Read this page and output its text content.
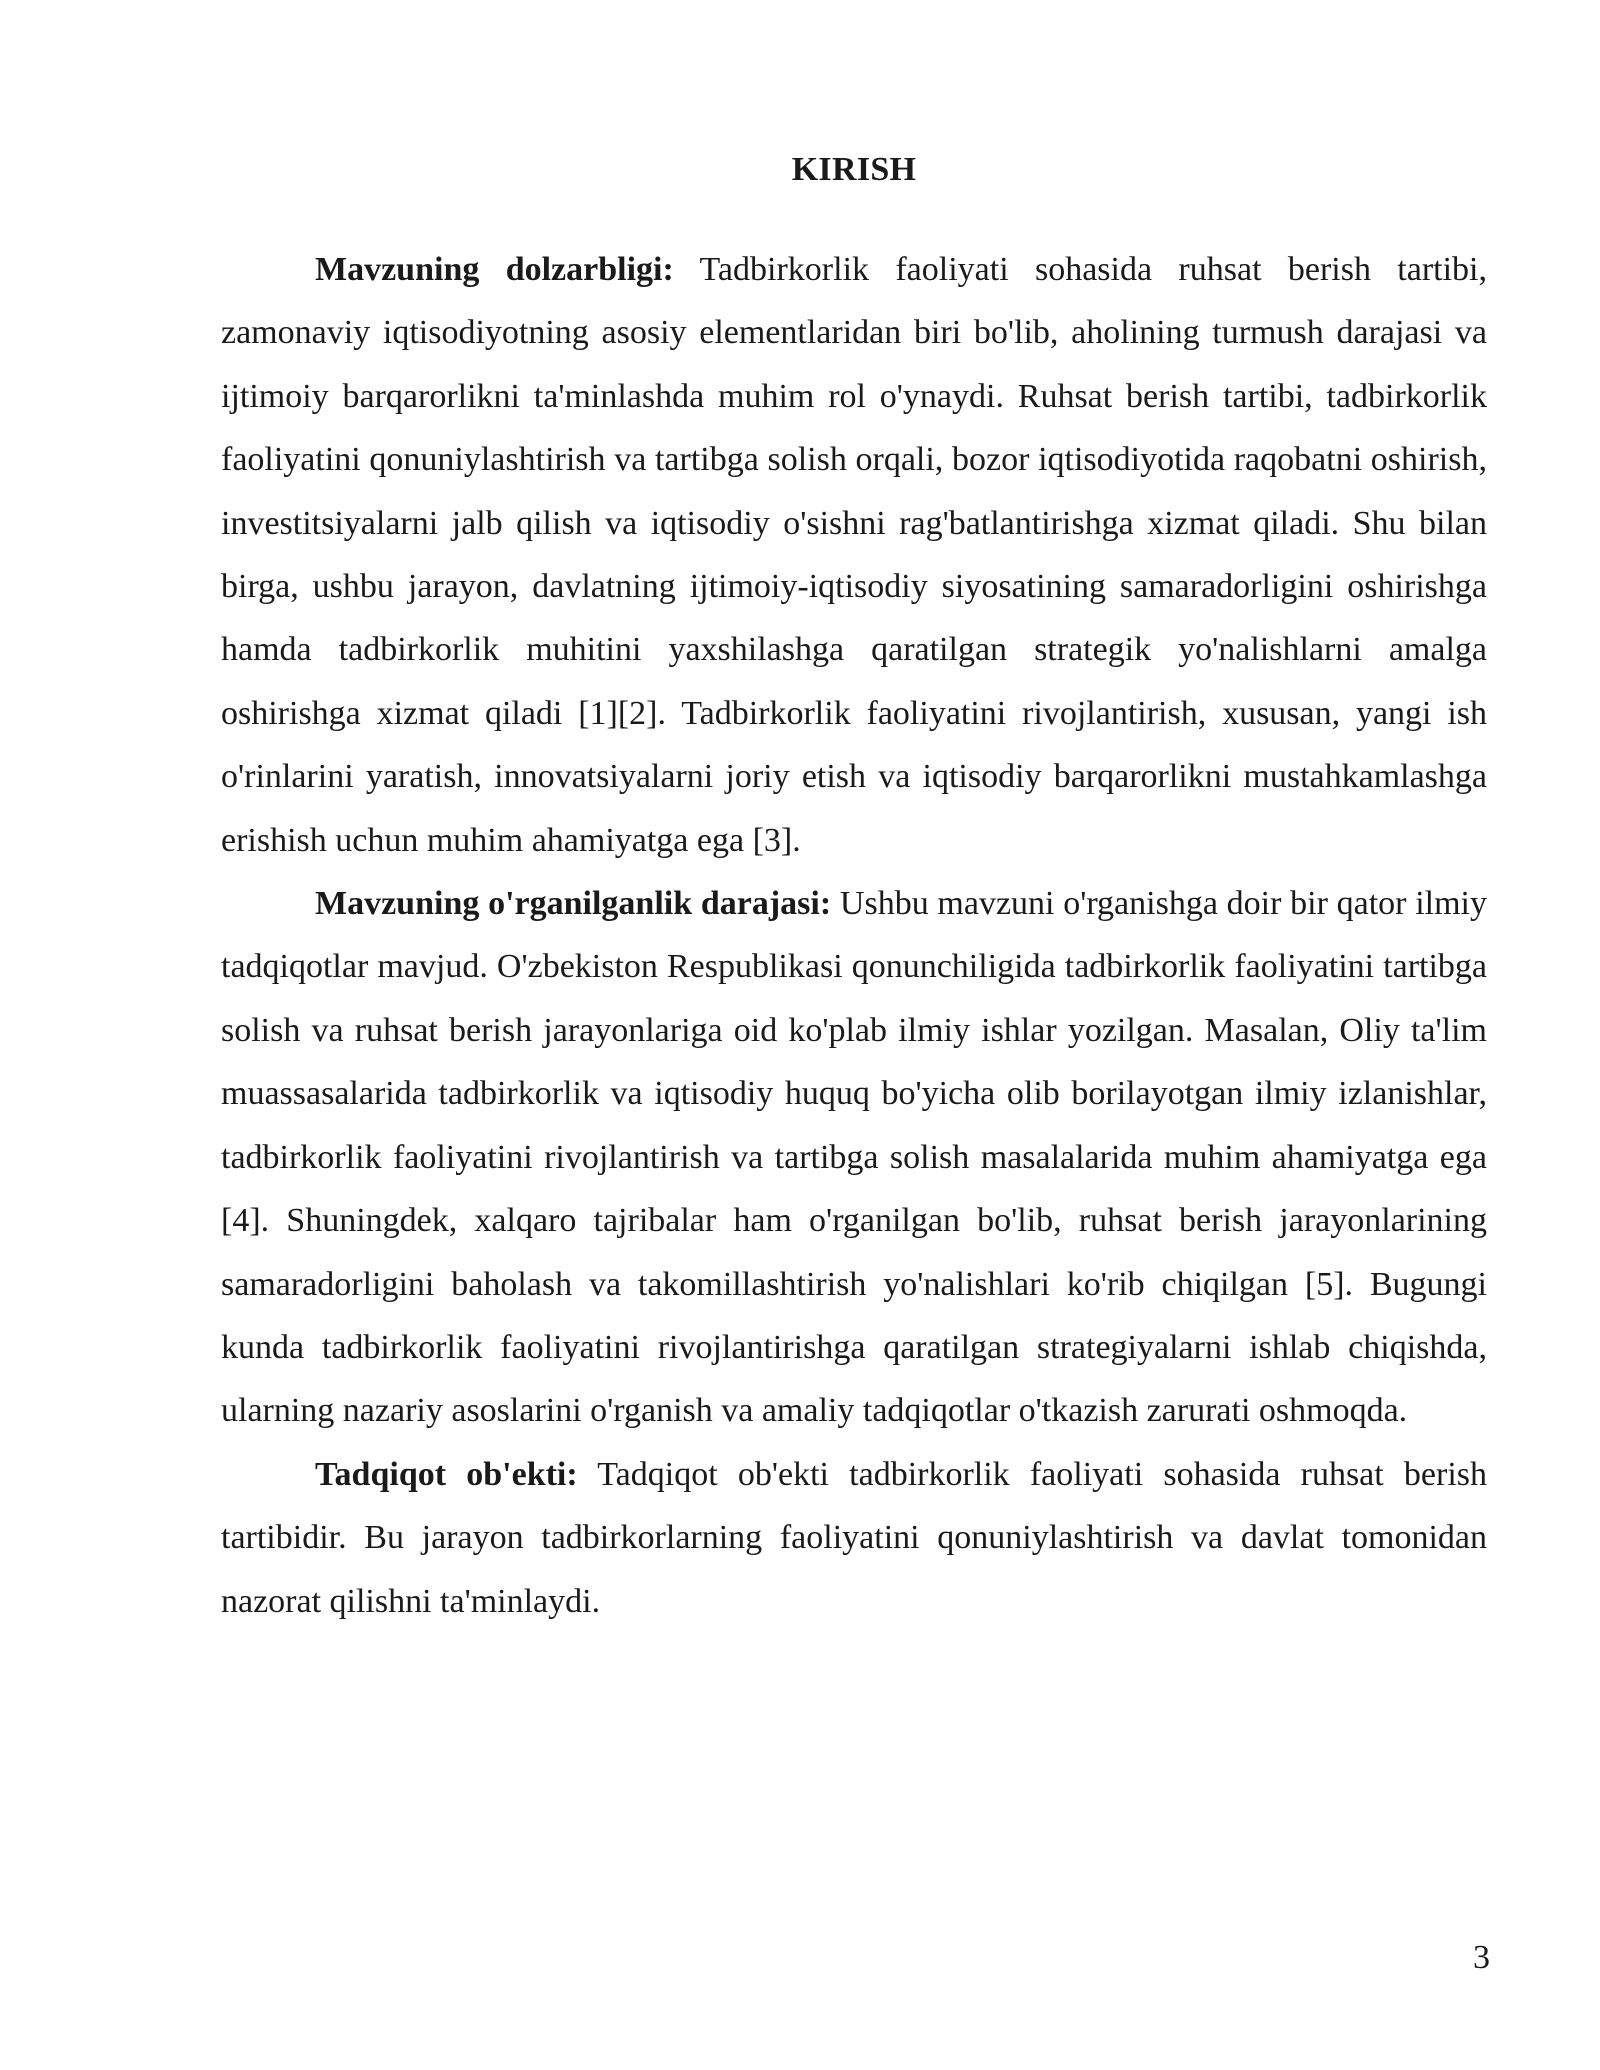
KIRISH

Mavzuning dolzarbligi: Tadbirkorlik faoliyati sohasida ruhsat berish tartibi, zamonaviy iqtisodiyotning asosiy elementlaridan biri bo'lib, aholining turmush darajasi va ijtimoiy barqarorlikni ta'minlashda muhim rol o'ynaydi. Ruhsat berish tartibi, tadbirkorlik faoliyatini qonuniylashtirish va tartibga solish orqali, bozor iqtisodiyotida raqobatni oshirish, investitsiyalarni jalb qilish va iqtisodiy o'sishni rag'batlantirishga xizmat qiladi. Shu bilan birga, ushbu jarayon, davlatning ijtimoiy-iqtisodiy siyosatining samaradorligini oshirishga hamda tadbirkorlik muhitini yaxshilashga qaratilgan strategik yo'nalishlarni amalga oshirishga xizmat qiladi [1][2]. Tadbirkorlik faoliyatini rivojlantirish, xususan, yangi ish o'rinlarini yaratish, innovatsiyalarni joriy etish va iqtisodiy barqarorlikni mustahkamlashga erishish uchun muhim ahamiyatga ega [3].

Mavzuning o'rganilganlik darajasi: Ushbu mavzuni o'rganishga doir bir qator ilmiy tadqiqotlar mavjud. O'zbekiston Respublikasi qonunchiligida tadbirkorlik faoliyatini tartibga solish va ruhsat berish jarayonlariga oid ko'plab ilmiy ishlar yozilgan. Masalan, Oliy ta'lim muassasalarida tadbirkorlik va iqtisodiy huquq bo'yicha olib borilayotgan ilmiy izlanishlar, tadbirkorlik faoliyatini rivojlantirish va tartibga solish masalalarida muhim ahamiyatga ega [4]. Shuningdek, xalqaro tajribalar ham o'rganilgan bo'lib, ruhsat berish jarayonlarining samaradorligini baholash va takomillashtirish yo'nalishlari ko'rib chiqilgan [5]. Bugungi kunda tadbirkorlik faoliyatini rivojlantirishga qaratilgan strategiyalarni ishlab chiqishda, ularning nazariy asoslarini o'rganish va amaliy tadqiqotlar o'tkazish zarurati oshmoqda.

Tadqiqot ob'ekti: Tadqiqot ob'ekti tadbirkorlik faoliyati sohasida ruhsat berish tartibidir. Bu jarayon tadbirkorlarning faoliyatini qonuniylashtirish va davlat tomonidan nazorat qilishni ta'minlaydi.

3
